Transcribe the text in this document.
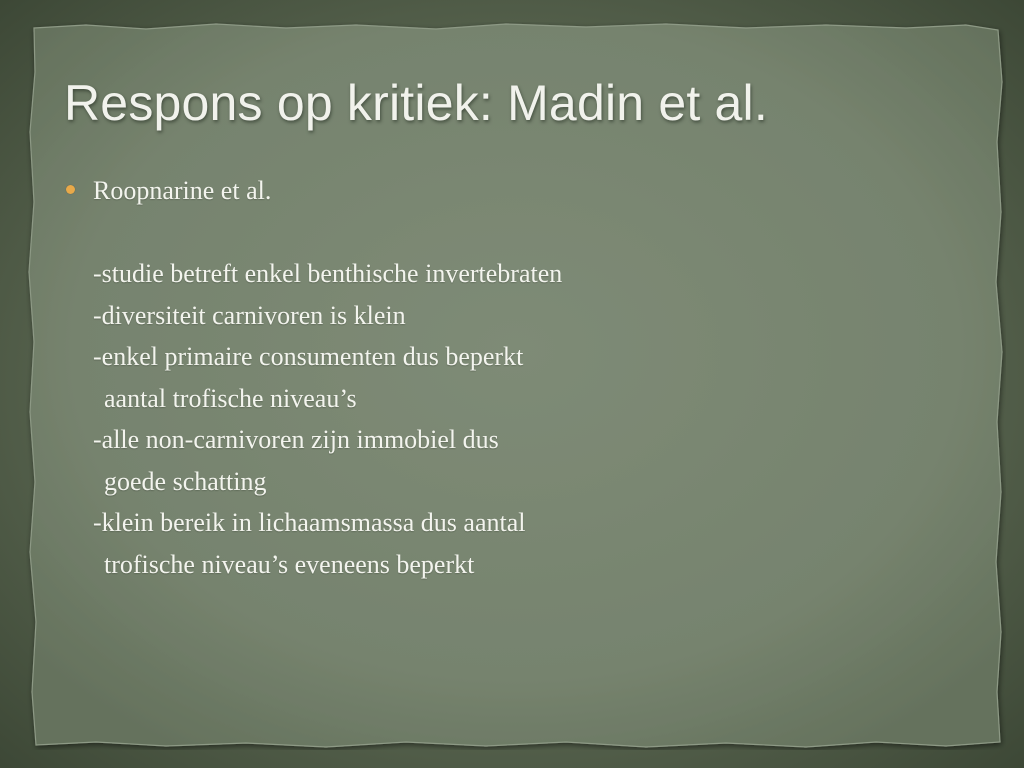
Respons op kritiek: Madin et al.
Roopnarine et al.
-studie betreft enkel benthische invertebraten
-diversiteit carnivoren is klein
-enkel primaire consumenten dus beperkt
aantal trofische niveau’s
-alle non-carnivoren zijn immobiel dus
goede schatting
-klein bereik in lichaamsmassa dus aantal
trofische niveau’s eveneens beperkt
